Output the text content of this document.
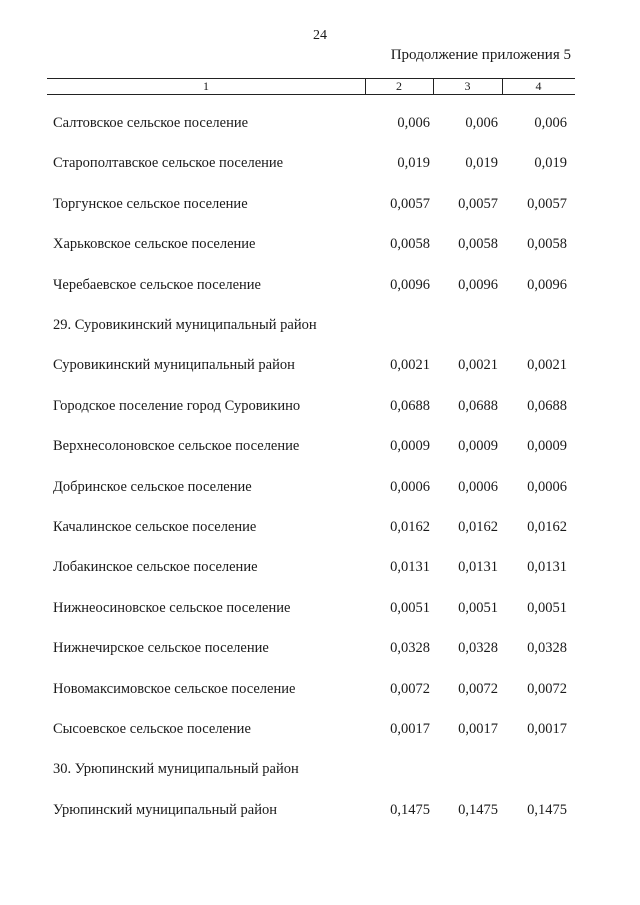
24
Продолжение приложения 5
1	2	3	4
Салтовское сельское поселение	0,006	0,006	0,006
Старополтавское сельское поселение	0,019	0,019	0,019
Торгунское сельское поселение	0,0057	0,0057	0,0057
Харьковское сельское поселение	0,0058	0,0058	0,0058
Черебаевское сельское поселение	0,0096	0,0096	0,0096
29. Суровикинский муниципальный район
Суровикинский муниципальный район	0,0021	0,0021	0,0021
Городское поселение город Суровикино	0,0688	0,0688	0,0688
Верхнесолоновское сельское поселение	0,0009	0,0009	0,0009
Добринское сельское поселение	0,0006	0,0006	0,0006
Качалинское сельское поселение	0,0162	0,0162	0,0162
Лобакинское сельское поселение	0,0131	0,0131	0,0131
Нижнеосиновское сельское поселение	0,0051	0,0051	0,0051
Нижнечирское сельское поселение	0,0328	0,0328	0,0328
Новомаксимовское сельское поселение	0,0072	0,0072	0,0072
Сысоевское сельское поселение	0,0017	0,0017	0,0017
30. Урюпинский муниципальный район
Урюпинский муниципальный район	0,1475	0,1475	0,1475
